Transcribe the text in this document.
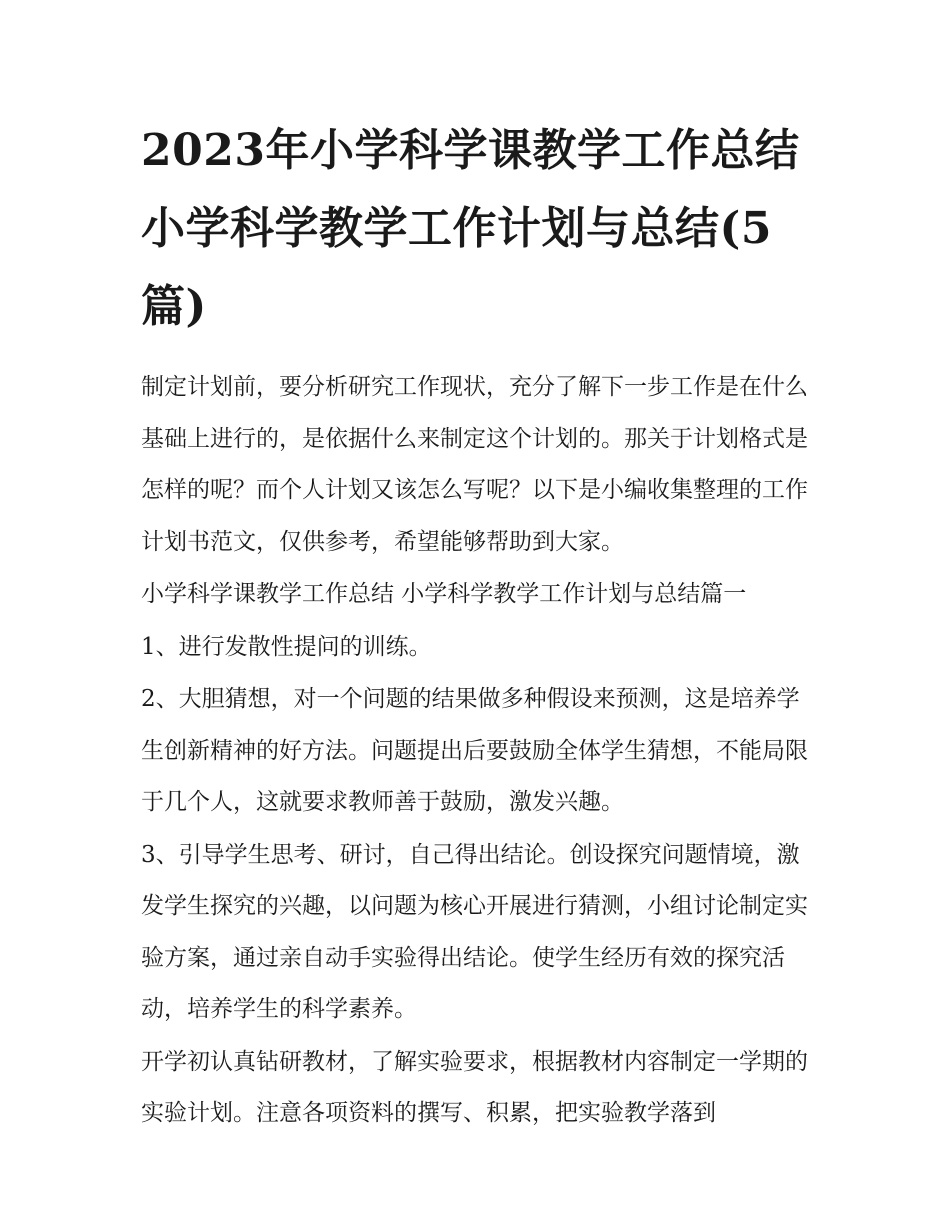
2023年小学科学课教学工作总结 小学科学教学工作计划与总结(5篇)

制定计划前，要分析研究工作现状，充分了解下一步工作是在什么基础上进行的，是依据什么来制定这个计划的。那关于计划格式是怎样的呢？而个人计划又该怎么写呢？以下是小编收集整理的工作计划书范文，仅供参考，希望能够帮助到大家。

小学科学课教学工作总结 小学科学教学工作计划与总结篇一

1、进行发散性提问的训练。

2、大胆猜想，对一个问题的结果做多种假设来预测，这是培养学生创新精神的好方法。问题提出后要鼓励全体学生猜想，不能局限于几个人，这就要求教师善于鼓励，激发兴趣。

3、引导学生思考、研讨，自己得出结论。创设探究问题情境，激发学生探究的兴趣，以问题为核心开展进行猜测，小组讨论制定实验方案，通过亲自动手实验得出结论。使学生经历有效的探究活动，培养学生的科学素养。

开学初认真钻研教材，了解实验要求，根据教材内容制定一学期的实验计划。注意各项资料的撰写、积累，把实验教学落到
